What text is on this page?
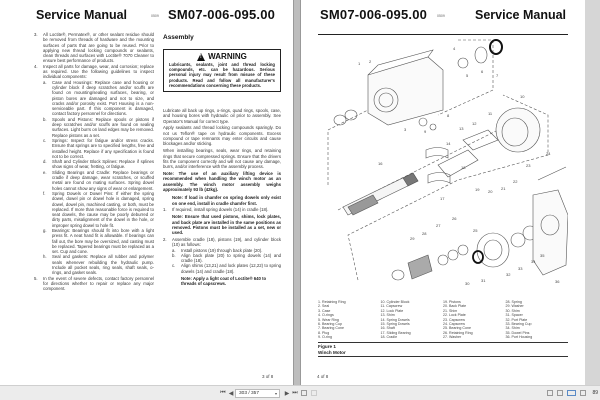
Service Manual	0509 SM07-006-095.00
3.	All Loctite®, Permatex®, or other sealant residue should be removed from threads of hardware and the mounting surfaces of parts that are going to be reused. Prior to applying new thread locking compounds or sealants, clean threads and surfaces with Loctite® 7070 Cleaner to ensure best performance of products.
4.	Inspect all parts for damage, wear, and corrosion; replace as required. Use the following guidelines to inspect individual components:
a.	Case and Housings: Replace case and housing or cylinder block if deep scratches and/or scuffs are found on mounting/sealing surfaces, bearing, or piston bores are damaged and not to size, and cracks and/or porosity exist. Port Housing is a non-serviceable part. If this component is damaged, contact factory personnel for directions.
b.	Spools and Pistons: Replace spools or pistons if deep scratches and/or scuffs are found on sealing surfaces. Light burrs on land edges may be removed. Replace pistons as a set.
c.	Springs: Inspect for fatigue and/or stress cracks. Ensure that springs are to specified lengths, free and installed height. Replace if any specification is found not to be correct.
d.	Shaft and Cylinder Block Splines: Replace if splines show signs of wear, fretting, or fatigue.
e.	Sliding Bearings and Cradle: Replace bearings or cradle if deep damage, wear scratches, or scuffed metal are found on mating surfaces. Spring dowel holes cannot show any signs of wear or enlargement.
f.	Spring Dowels or Dowel Pins: If either the spring dowel, dowel pin or dowel hole is damaged, spring dowel, dowel pin, machined casting, or both, must be replaced. If more than reasonable force is required to seat dowels, the cause may be poorly deburred or dirty parts, misalignment of the dowel in the hole, or improper spring dowel to hole fit.
g.	Bearings: Bearings should fit into bore with a light press fit. A neat hand fit is allowable. If bearings can fall out, the bore may be oversized, and casting must be replaced. Tapered bearings must be replaced as a set. Cup and cone.
h.	Seal and gaskets: Replace all rubber and polymer seals whenever rebuilding the hydraulic pump. Include all pocket seals, ring seals, shaft seals, o-rings, and gasket seals.
5.	In the event of severe defects, contact factory personnel for directions whether to repair or replace any major component.
Assembly
!
WARNING
Lubricants, sealants, joint and thread locking compounds, etc. can be hazardous. Serious personal injury may result from misuse of these products. Read and follow all manufacturer's recommendations concerning these products.

Lubricate all back up rings, o-rings, quad rings, spools, case, and housing bores with hydraulic oil prior to assembly. See Operator's Manual for correct type.

Apply sealants and thread locking compounds sparingly. Do not us Teflon® tape on hydraulic components. Excess compound or tape remnants may enter circuits and cause blockages and/or sticking.

When installing bearings, seals, wear rings, and retaining rings that secure compressed springs. Ensure that the drivers fits the component correctly and will not cause any damage, burrs, and/or interference with the assembly process.

Note: The use of an auxiliary lifting device is recommended when handling the winch motor as an assembly. The winch motor assembly weighs approximately 93 lb (42kg).

Note: If load in chamfer on spring dowels only exist on one end, install in cradle chamfer first.

1.	If required, install spring dowels (14) in cradle (18).

Note: Ensure that used pistons, shims, lock plates, and back plate are installed in the same positions as removed. Pistons must be installed as a set, new or used.

2.	Assemble cradle (18), pistons (19), and cylinder block (10) as follows:
a.	Install pistons (19) through back plate (20).
b.	Align back plate (20) to spring dowels (14) and cradle (18).
c.	Align shims (13,21) and lock plates (12,22) to spring dowels (14) and cradle (18).

Note: Apply a light coat of Loctite® 640 to threads of capscrews.

3 of 8
SM07-006-095.00	0509 Service Manual
1 2
3
4
5
6
7
8
9
10
11
12
13
14
16
17
18
19 20
21
22
23
24
25
26
27
28
29
30
31
32
33
34
35
36
1. Retaining Ring
2. Seal
3. Case
4. O-rings
5. Wear Ring
6. Bearing Cup
7. Bearing Cone
8. Plug
9. O-ring
10. Cylinder Block
11. Capscrew
12. Lock Plate
13. Shim
14. Spring Dowels
15. Spring Dowels
16. Shaft
17. Sliding Bearing
18. Cradle
19. Pistons
20. Back Plate
21. Shim
22. Lock Plate
23. Capscrew
24. Capscrew
25. Bearing Cone
26. Retaining Ring
27. Washer
28. Spring
29. Washer
30. Shim
31. Spacer
32. Port Plate
33. Bearing Cup
34. Shim
35. Dowel Pins
36. Port Housing
Figure 1
Winch Motor
4 of 8
⏮ ◀	303 / 357	▾ ▶ ⏭	89
